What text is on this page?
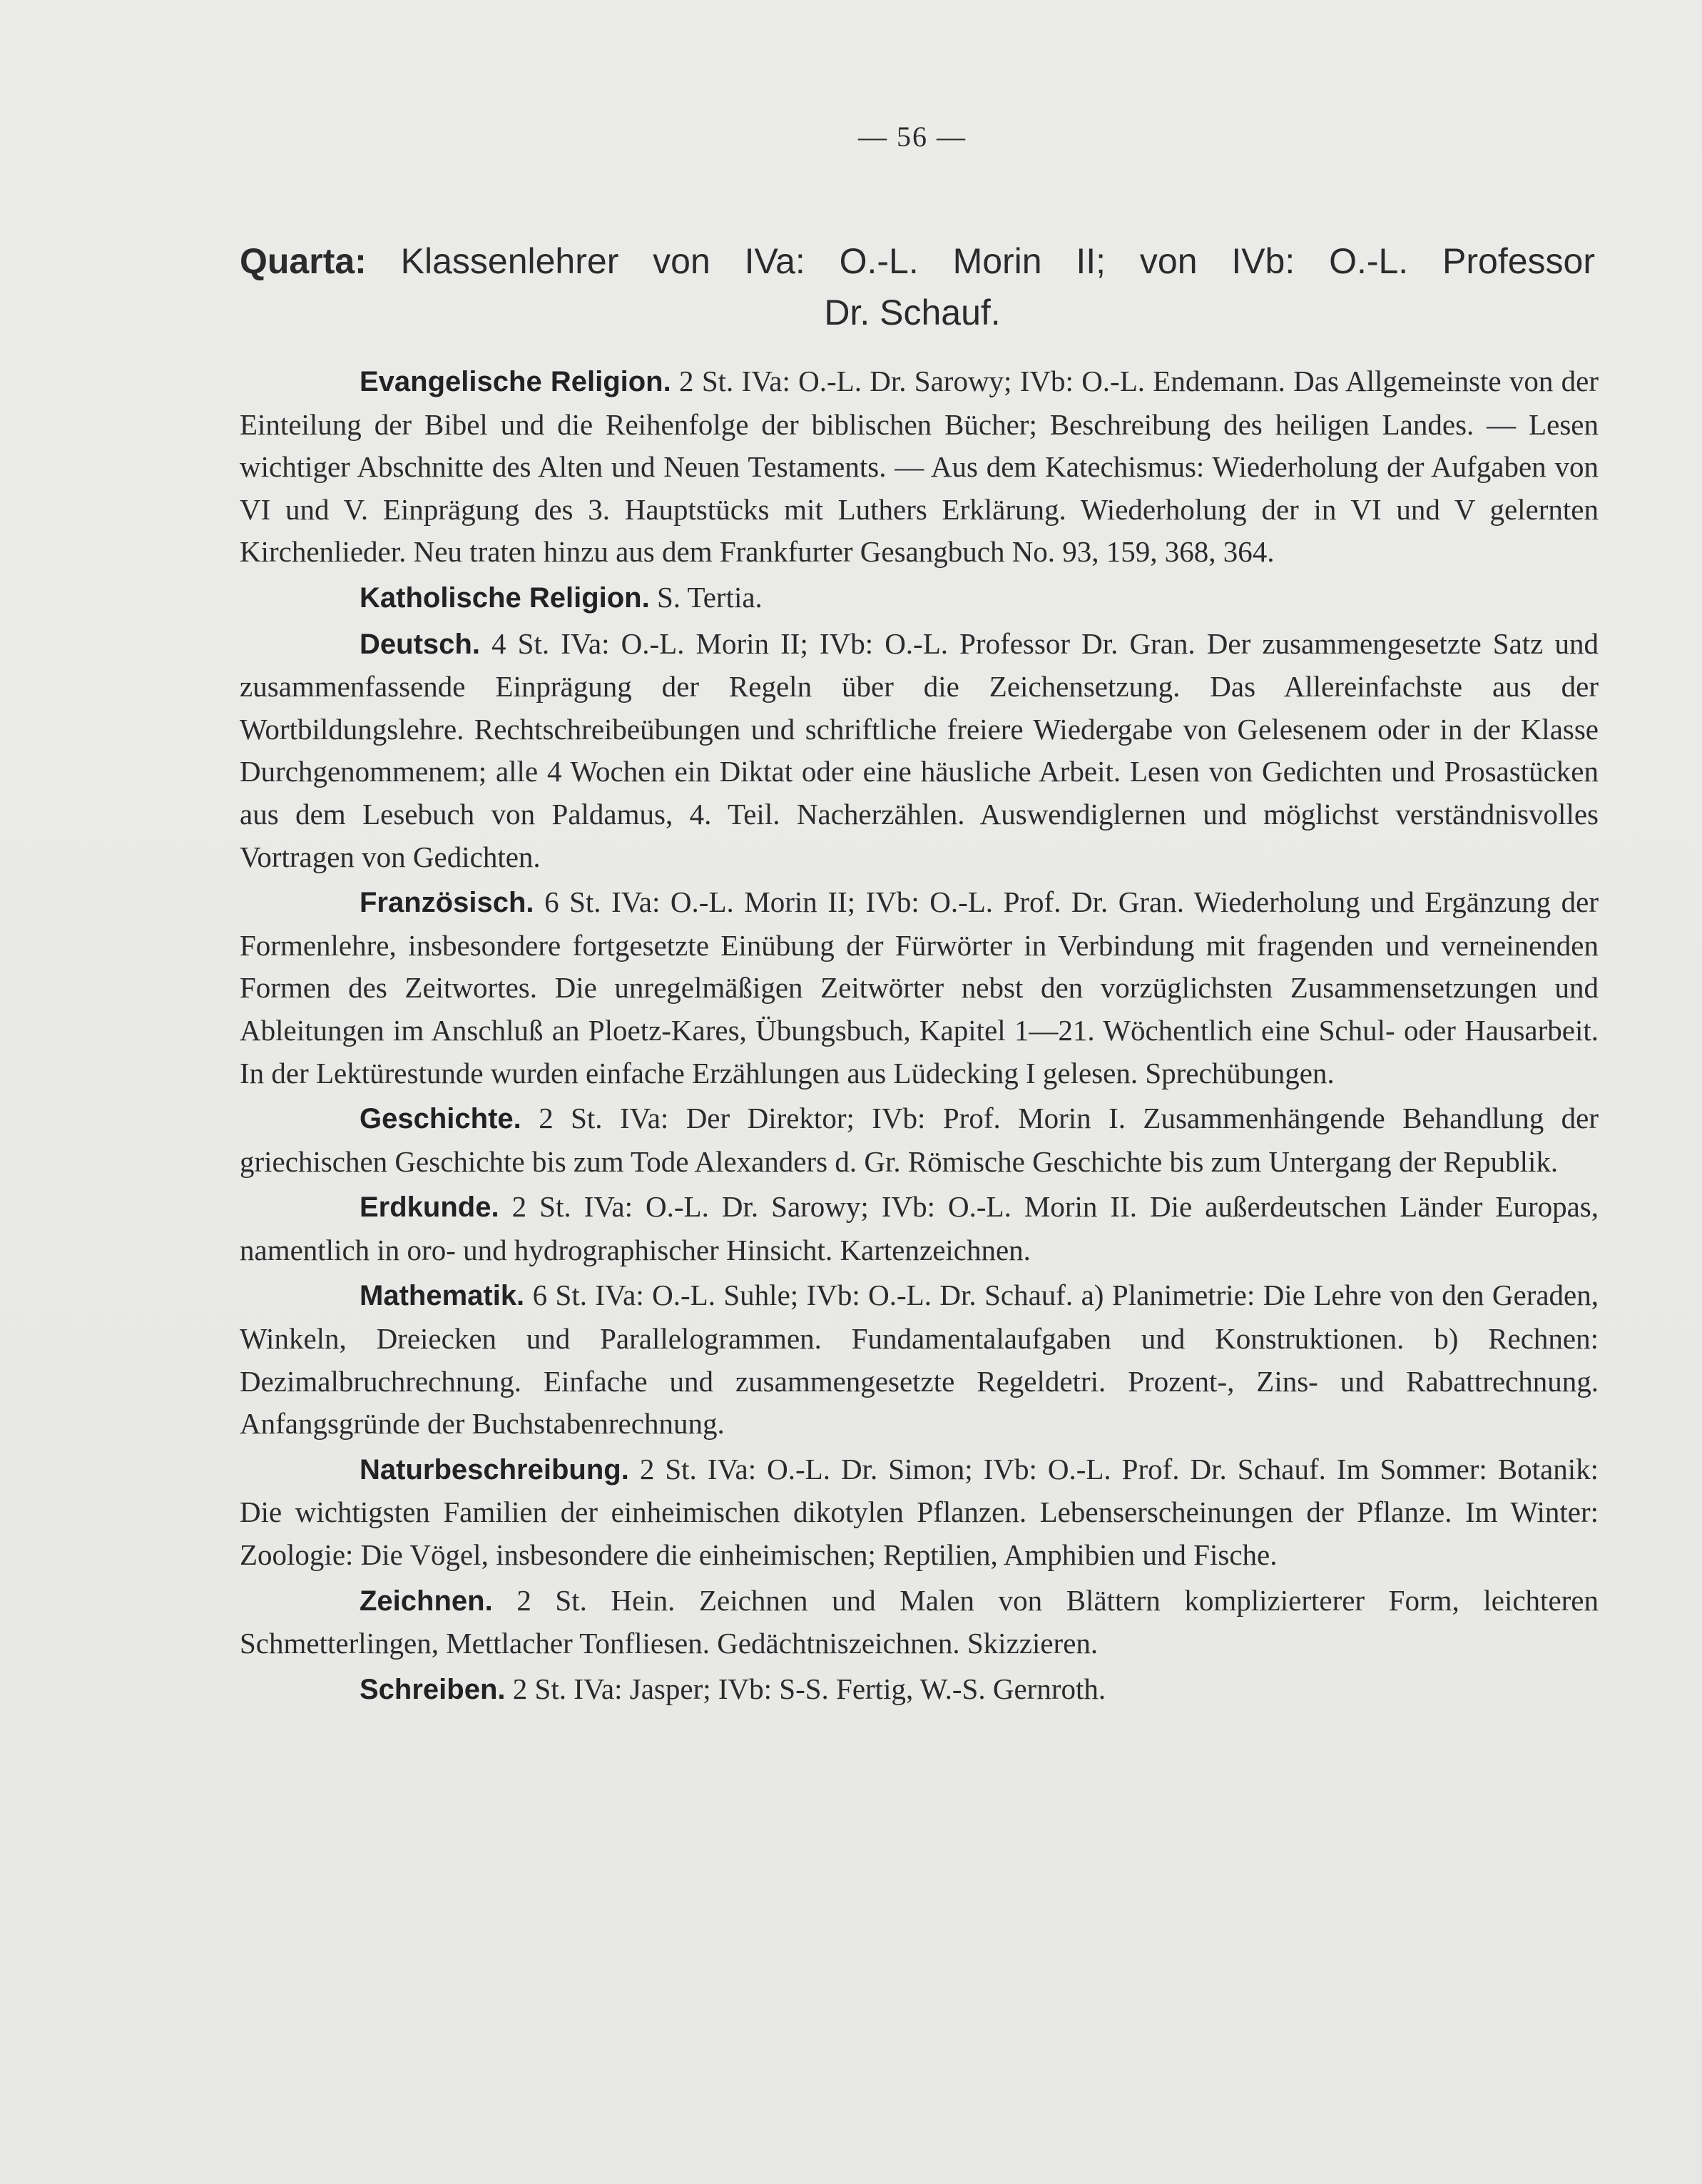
— 56 —
Quarta: Klassenlehrer von IVa: O.-L. Morin II; von IVb: O.-L. Professor
Dr. Schauf.

Evangelische Religion. 2 St. IVa: O.-L. Dr. Sarowy; IVb: O.-L. Endemann. Das Allgemeinste von der Einteilung der Bibel und die Reihenfolge der biblischen Bücher; Beschreibung des heiligen Landes. — Lesen wichtiger Abschnitte des Alten und Neuen Testaments. — Aus dem Katechismus: Wiederholung der Aufgaben von VI und V. Einprägung des 3. Hauptstücks mit Luthers Erklärung. Wiederholung der in VI und V gelernten Kirchenlieder. Neu traten hinzu aus dem Frankfurter Gesangbuch No. 93, 159, 368, 364.

Katholische Religion. S. Tertia.

Deutsch. 4 St. IVa: O.-L. Morin II; IVb: O.-L. Professor Dr. Gran. Der zusammengesetzte Satz und zusammenfassende Einprägung der Regeln über die Zeichensetzung. Das Allereinfachste aus der Wortbildungslehre. Rechtschreibeübungen und schriftliche freiere Wiedergabe von Gelesenem oder in der Klasse Durchgenommenem; alle 4 Wochen ein Diktat oder eine häusliche Arbeit. Lesen von Gedichten und Prosastücken aus dem Lesebuch von Paldamus, 4. Teil. Nacherzählen. Auswendiglernen und möglichst verständnisvolles Vortragen von Gedichten.

Französisch. 6 St. IVa: O.-L. Morin II; IVb: O.-L. Prof. Dr. Gran. Wiederholung und Ergänzung der Formenlehre, insbesondere fortgesetzte Einübung der Fürwörter in Verbindung mit fragenden und verneinenden Formen des Zeitwortes. Die unregelmäßigen Zeitwörter nebst den vorzüglichsten Zusammensetzungen und Ableitungen im Anschluß an Ploetz-Kares, Übungsbuch, Kapitel 1—21. Wöchentlich eine Schul- oder Hausarbeit. In der Lektürestunde wurden einfache Erzählungen aus Lüdecking I gelesen. Sprechübungen.

Geschichte. 2 St. IVa: Der Direktor; IVb: Prof. Morin I. Zusammenhängende Behandlung der griechischen Geschichte bis zum Tode Alexanders d. Gr. Römische Geschichte bis zum Untergang der Republik.

Erdkunde. 2 St. IVa: O.-L. Dr. Sarowy; IVb: O.-L. Morin II. Die außerdeutschen Länder Europas, namentlich in oro- und hydrographischer Hinsicht. Kartenzeichnen.

Mathematik. 6 St. IVa: O.-L. Suhle; IVb: O.-L. Dr. Schauf. a) Planimetrie: Die Lehre von den Geraden, Winkeln, Dreiecken und Parallelogrammen. Fundamentalaufgaben und Konstruktionen. b) Rechnen: Dezimalbruchrechnung. Einfache und zusammengesetzte Regeldetri. Prozent-, Zins- und Rabattrechnung. Anfangsgründe der Buchstabenrechnung.

Naturbeschreibung. 2 St. IVa: O.-L. Dr. Simon; IVb: O.-L. Prof. Dr. Schauf. Im Sommer: Botanik: Die wichtigsten Familien der einheimischen dikotylen Pflanzen. Lebenserscheinungen der Pflanze. Im Winter: Zoologie: Die Vögel, insbesondere die einheimischen; Reptilien, Amphibien und Fische.

Zeichnen. 2 St. Hein. Zeichnen und Malen von Blättern komplizierterer Form, leichteren Schmetterlingen, Mettlacher Tonfliesen. Gedächtniszeichnen. Skizzieren.

Schreiben. 2 St. IVa: Jasper; IVb: S-S. Fertig, W.-S. Gernroth.
